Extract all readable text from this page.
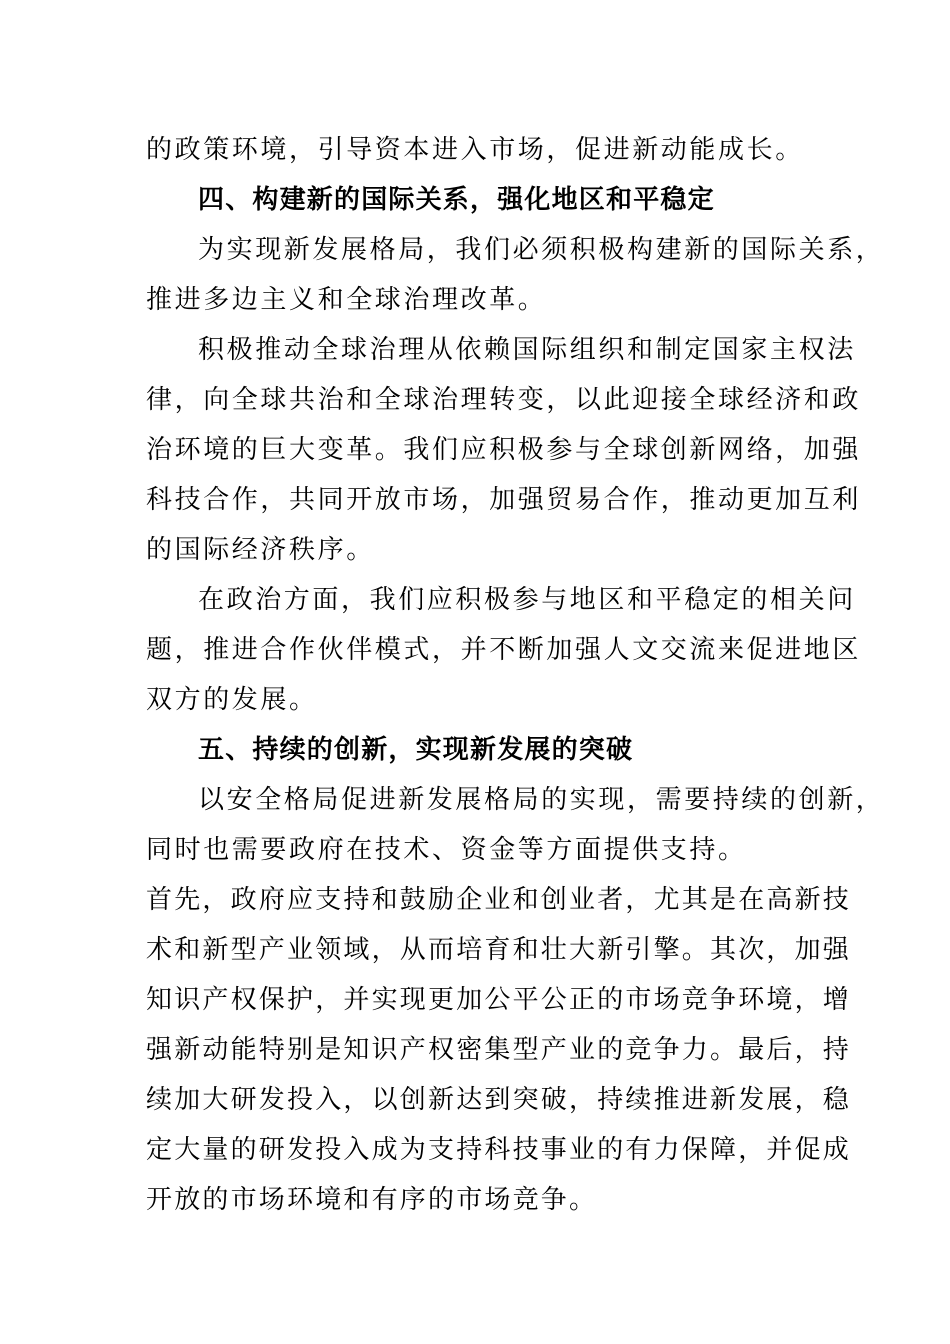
的政策环境，引导资本进入市场，促进新动能成长。
四、构建新的国际关系，强化地区和平稳定
为实现新发展格局，我们必须积极构建新的国际关系，
推进多边主义和全球治理改革。
积极推动全球治理从依赖国际组织和制定国家主权法
律，向全球共治和全球治理转变，以此迎接全球经济和政
治环境的巨大变革。我们应积极参与全球创新网络，加强
科技合作，共同开放市场，加强贸易合作，推动更加互利
的国际经济秩序。
在政治方面，我们应积极参与地区和平稳定的相关问
题，推进合作伙伴模式，并不断加强人文交流来促进地区
双方的发展。
五、持续的创新，实现新发展的突破
以安全格局促进新发展格局的实现，需要持续的创新，
同时也需要政府在技术、资金等方面提供支持。
首先，政府应支持和鼓励企业和创业者，尤其是在高新技
术和新型产业领域，从而培育和壮大新引擎。其次，加强
知识产权保护，并实现更加公平公正的市场竞争环境，增
强新动能特别是知识产权密集型产业的竞争力。最后，持
续加大研发投入，以创新达到突破，持续推进新发展，稳
定大量的研发投入成为支持科技事业的有力保障，并促成
开放的市场环境和有序的市场竞争。
